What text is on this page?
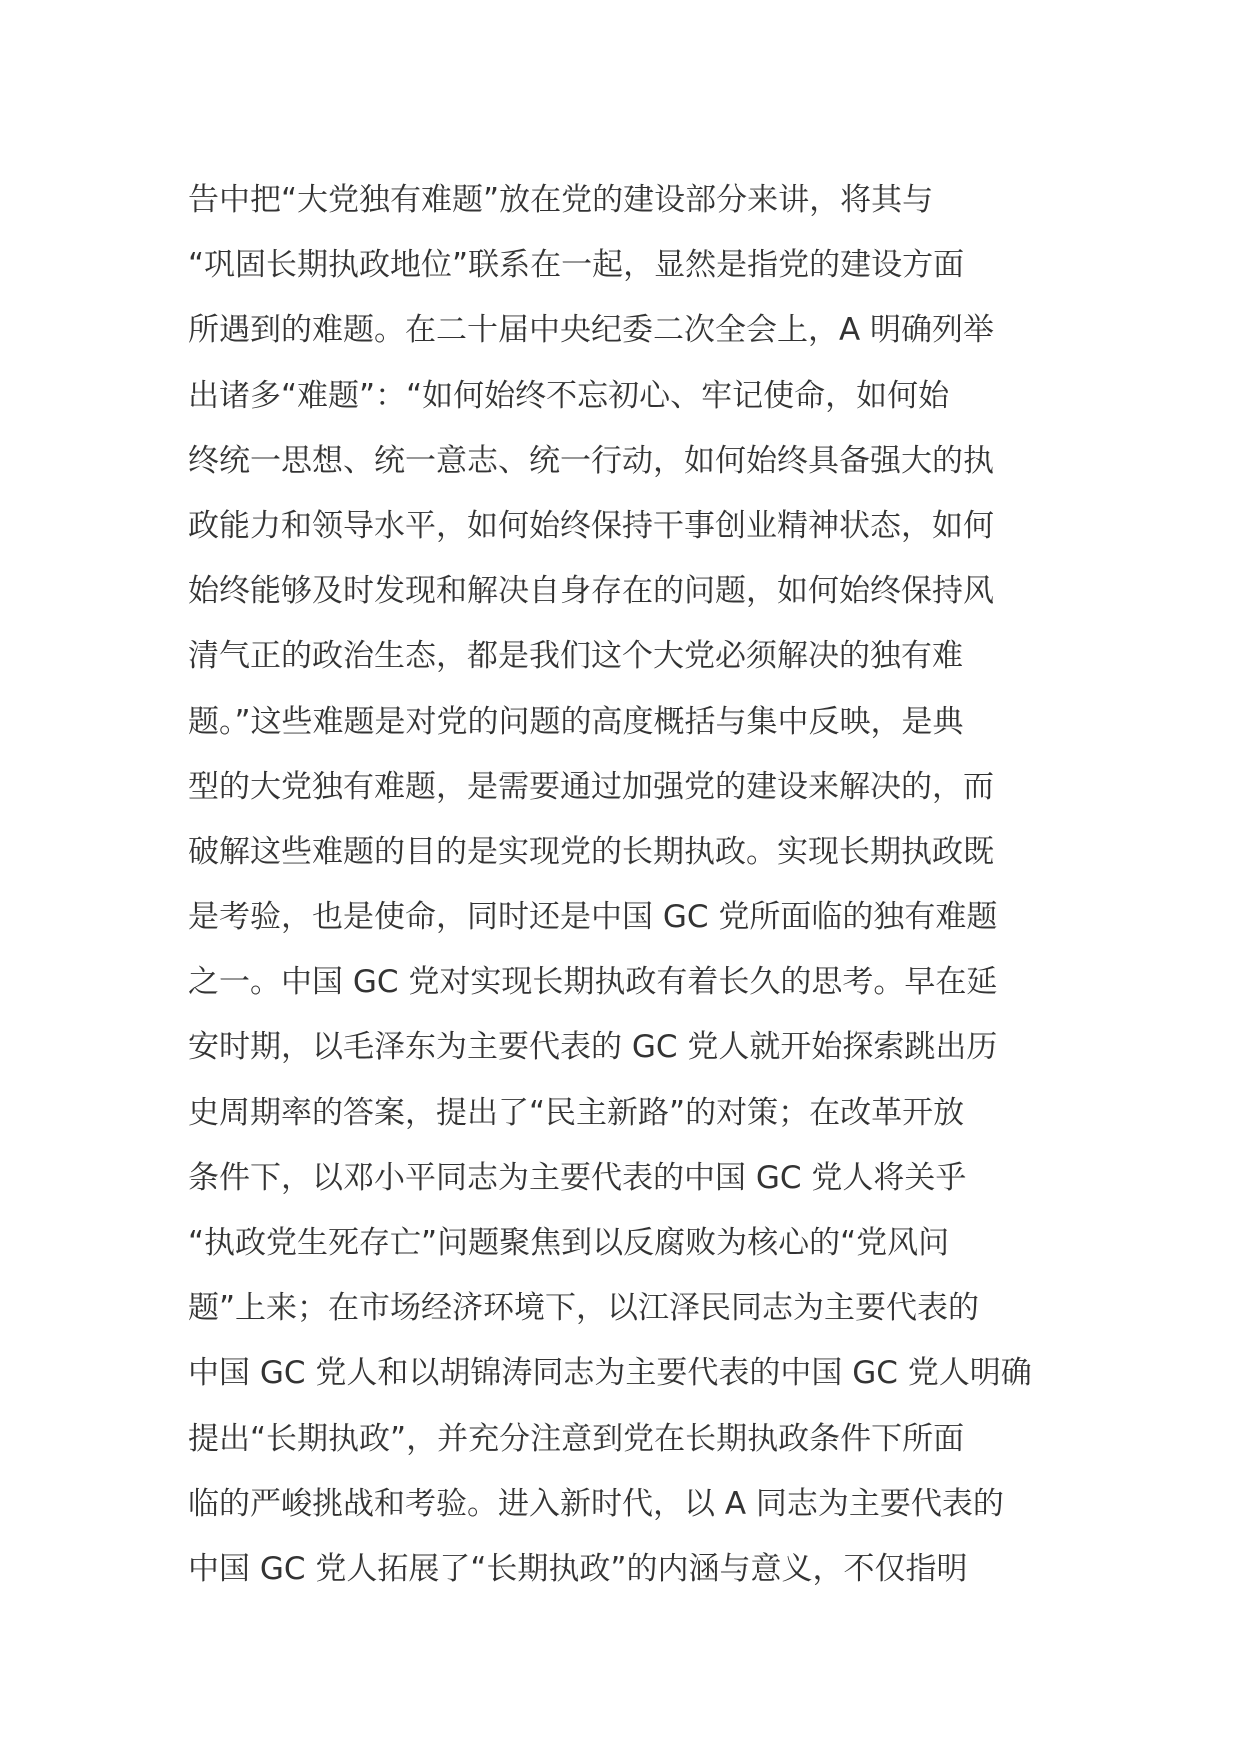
告中把“大党独有难题”放在党的建设部分来讲，将其与
“巩固长期执政地位”联系在一起，显然是指党的建设方面
所遇到的难题。在二十届中央纪委二次全会上，A 明确列举
出诸多“难题”：“如何始终不忘初心、牢记使命，如何始
终统一思想、统一意志、统一行动，如何始终具备强大的执
政能力和领导水平，如何始终保持干事创业精神状态，如何
始终能够及时发现和解决自身存在的问题，如何始终保持风
清气正的政治生态，都是我们这个大党必须解决的独有难
题。”这些难题是对党的问题的高度概括与集中反映，是典
型的大党独有难题，是需要通过加强党的建设来解决的，而
破解这些难题的目的是实现党的长期执政。实现长期执政既
是考验，也是使命，同时还是中国 GC 党所面临的独有难题
之一。中国 GC 党对实现长期执政有着长久的思考。早在延
安时期，以毛泽东为主要代表的 GC 党人就开始探索跳出历
史周期率的答案，提出了“民主新路”的对策；在改革开放
条件下，以邓小平同志为主要代表的中国 GC 党人将关乎
“执政党生死存亡”问题聚焦到以反腐败为核心的“党风问
题”上来；在市场经济环境下，以江泽民同志为主要代表的
中国 GC 党人和以胡锦涛同志为主要代表的中国 GC 党人明确
提出“长期执政”，并充分注意到党在长期执政条件下所面
临的严峻挑战和考验。进入新时代，以 A 同志为主要代表的
中国 GC 党人拓展了“长期执政”的内涵与意义，不仅指明
